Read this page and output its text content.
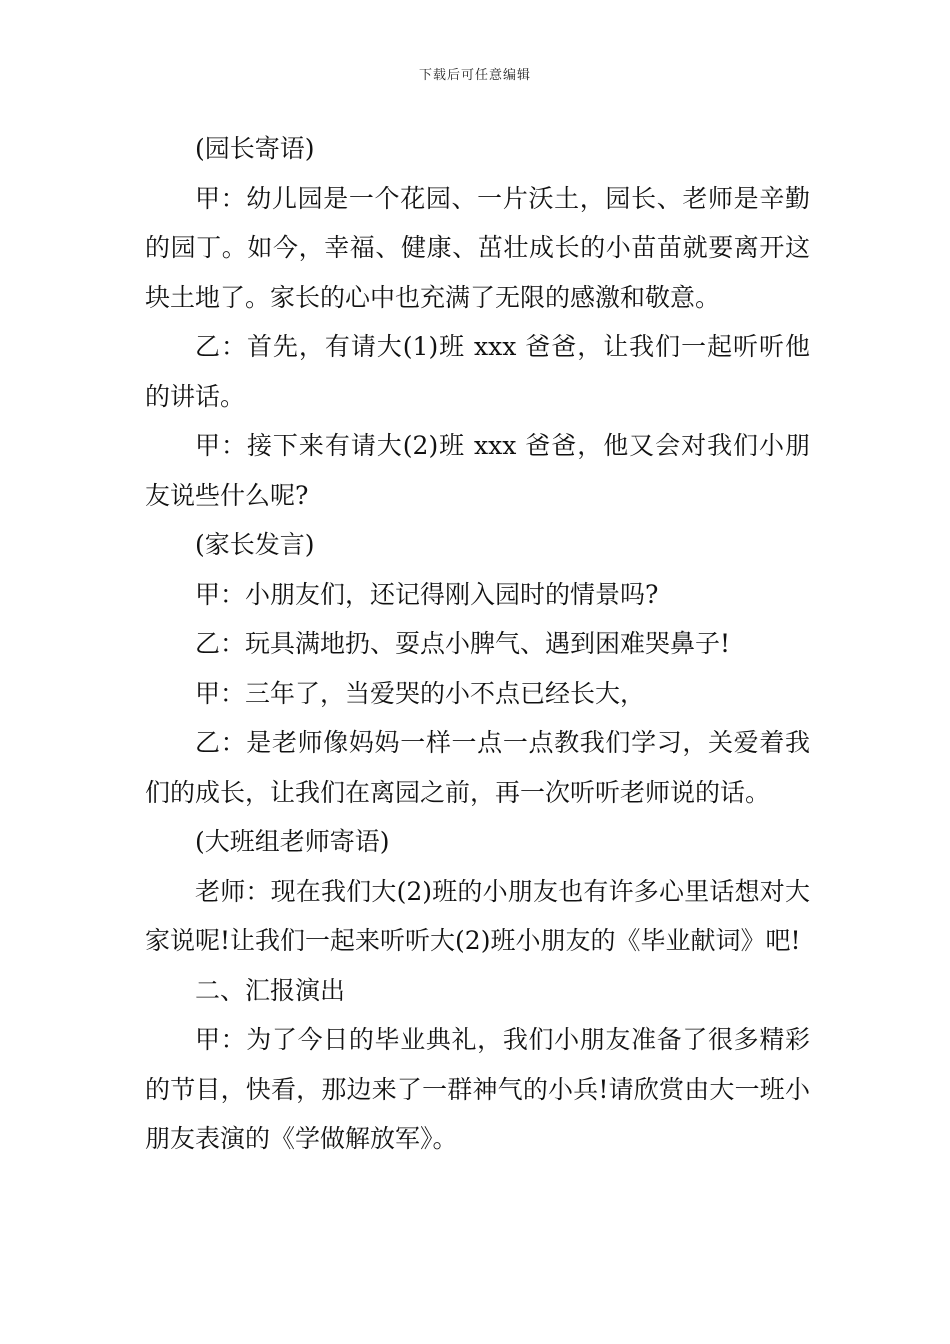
下载后可任意编辑

(园长寄语)

甲：幼儿园是一个花园、一片沃土，园长、老师是辛勤的园丁。如今，幸福、健康、茁壮成长的小苗苗就要离开这块土地了。家长的心中也充满了无限的感激和敬意。

乙：首先，有请大(1)班 xxx 爸爸，让我们一起听听他的讲话。

甲：接下来有请大(2)班 xxx 爸爸，他又会对我们小朋友说些什么呢?

(家长发言)

甲：小朋友们，还记得刚入园时的情景吗?

乙：玩具满地扔、耍点小脾气、遇到困难哭鼻子!

甲：三年了，当爱哭的小不点已经长大，

乙：是老师像妈妈一样一点一点教我们学习，关爱着我们的成长，让我们在离园之前，再一次听听老师说的话。

(大班组老师寄语)

老师：现在我们大(2)班的小朋友也有许多心里话想对大家说呢!让我们一起来听听大(2)班小朋友的《毕业献词》吧!

二、汇报演出

甲：为了今日的毕业典礼，我们小朋友准备了很多精彩的节目，快看，那边来了一群神气的小兵!请欣赏由大一班小朋友表演的《学做解放军》。
